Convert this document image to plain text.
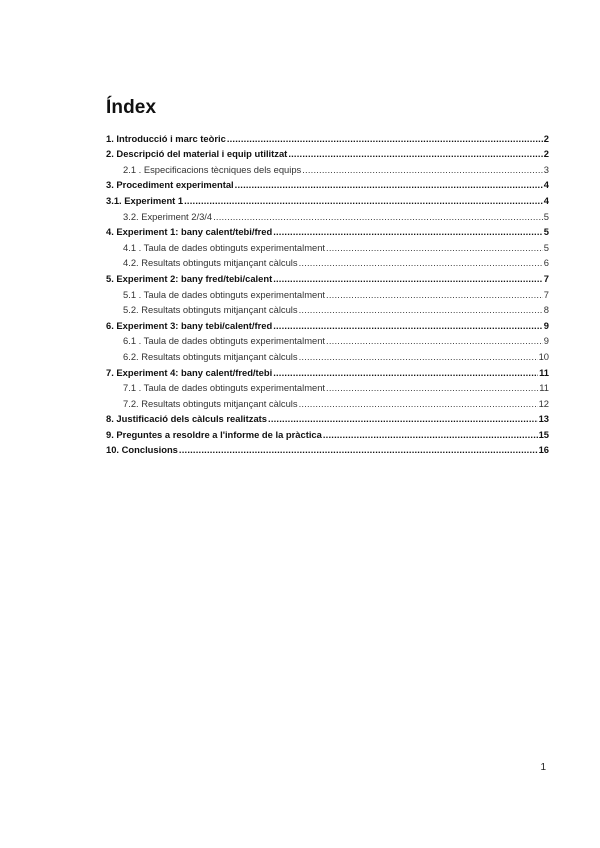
Índex
1. Introducció i marc teòric .....	2
2. Descripció del material i equip utilitzat .....	2
2.1 . Especificacions tècniques dels equips .....	3
3. Procediment experimental .....	4
3.1. Experiment 1 .....	4
3.2. Experiment 2/3/4 .....	5
4. Experiment 1: bany calent/tebi/fred .....	5
4.1 . Taula de dades obtinguts experimentalment .....	5
4.2. Resultats obtinguts mitjançant càlculs .....	6
5. Experiment 2: bany fred/tebi/calent .....	7
5.1 . Taula de dades obtinguts experimentalment .....	7
5.2. Resultats obtinguts mitjançant càlculs .....	8
6. Experiment 3: bany tebi/calent/fred .....	9
6.1 . Taula de dades obtinguts experimentalment .....	9
6.2. Resultats obtinguts mitjançant càlculs .....	10
7. Experiment 4: bany calent/fred/tebi .....	11
7.1 . Taula de dades obtinguts experimentalment .....	11
7.2. Resultats obtinguts mitjançant càlculs .....	12
8. Justificació dels càlculs realitzats .....	13
9. Preguntes a resoldre a l'informe de la pràctica .....	15
10. Conclusions .....	16
1
